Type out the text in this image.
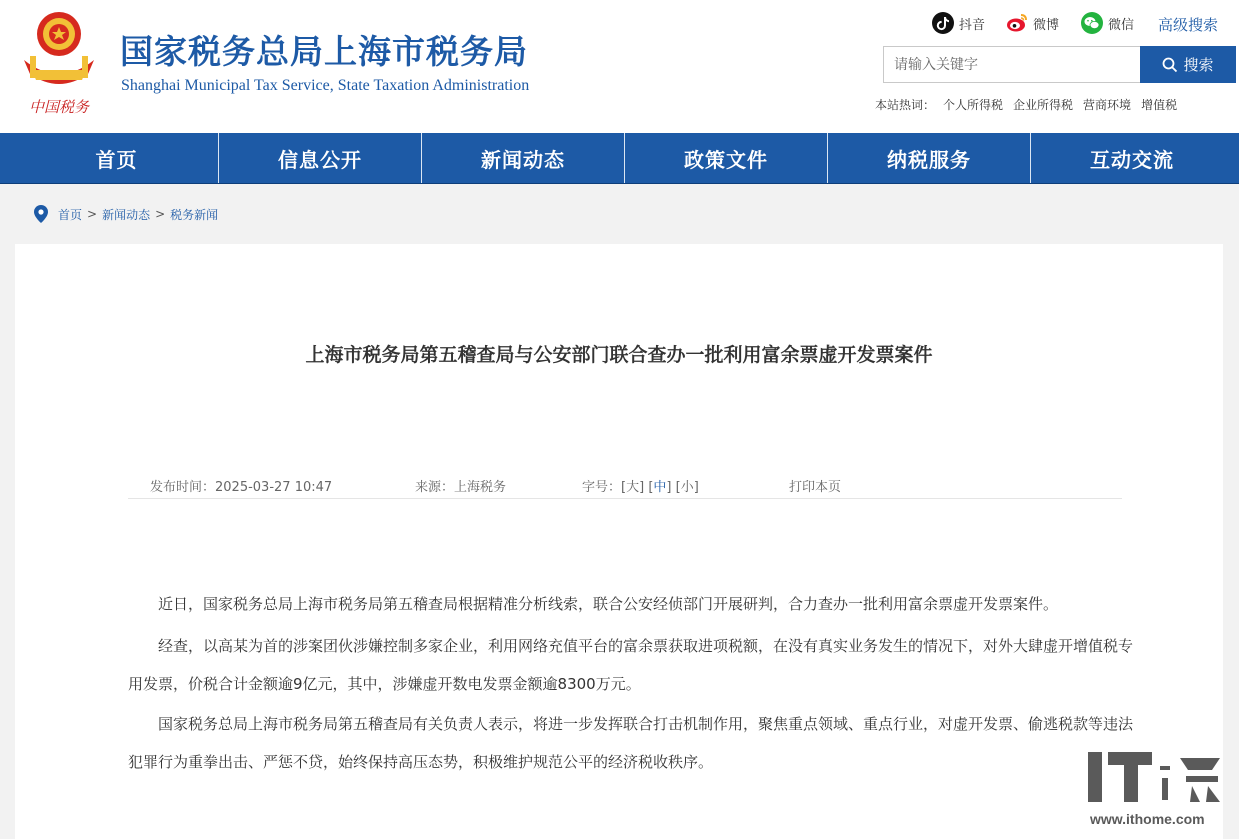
中国税务
国家税务总局上海市税务局
Shanghai Municipal Tax Service, State Taxation Administration
抖音	微博	微信 高级搜索
请输入关键字
搜索
本站热词： 个人所得税 企业所得税 营商环境 增值税
首页	信息公开	新闻动态	政策文件	纳税服务	互动交流
首页 > 新闻动态 > 税务新闻
上海市税务局第五稽查局与公安部门联合查办一批利用富余票虚开发票案件
发布时间：2025-03-27 10:47	来源：上海税务	字号：[大] [中] [小]	打印本页

近日，国家税务总局上海市税务局第五稽查局根据精准分析线索，联合公安经侦部门开展研判，合力查办一批利用富余票虚开发票案件。

经查，以高某为首的涉案团伙涉嫌控制多家企业，利用网络充值平台的富余票获取进项税额，在没有真实业务发生的情况下，对外大肆虚开增值税专用发票，价税合计金额逾9亿元，其中，涉嫌虚开数电发票金额逾8300万元。

国家税务总局上海市税务局第五稽查局有关负责人表示，将进一步发挥联合打击机制作用，聚焦重点领域、重点行业，对虚开发票、偷逃税款等违法犯罪行为重拳出击、严惩不贷，始终保持高压态势，积极维护规范公平的经济税收秩序。

www.ithome.com
